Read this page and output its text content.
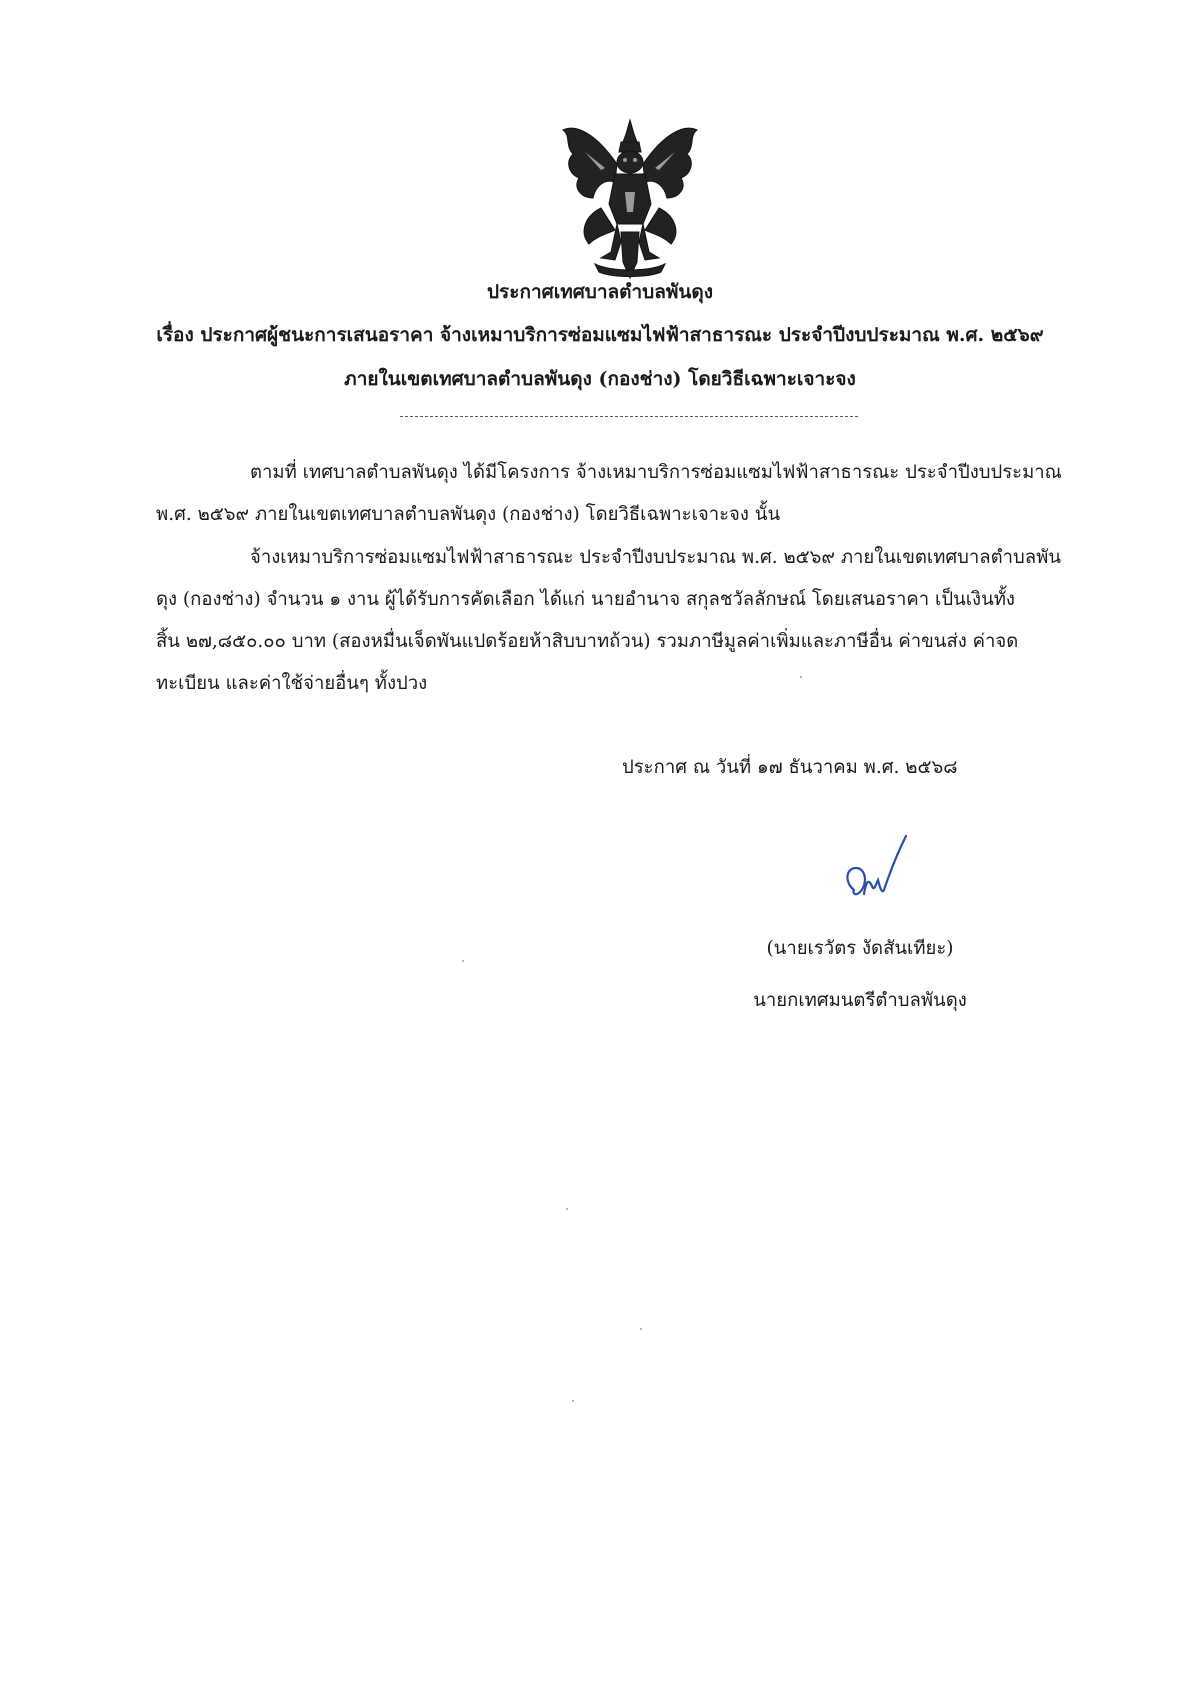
ประกาศเทศบาลตำบลพันดุง
เรื่อง ประกาศผู้ชนะการเสนอราคา จ้างเหมาบริการซ่อมแซมไฟฟ้าสาธารณะ ประจำปีงบประมาณ พ.ศ. ๒๕๖๙
ภายในเขตเทศบาลตำบลพันดุง (กองช่าง) โดยวิธีเฉพาะเจาะจง
ตามที่ เทศบาลตำบลพันดุง ได้มีโครงการ จ้างเหมาบริการซ่อมแซมไฟฟ้าสาธารณะ ประจำปีงบประมาณ
พ.ศ. ๒๕๖๙ ภายในเขตเทศบาลตำบลพันดุง (กองช่าง) โดยวิธีเฉพาะเจาะจง นั้น
จ้างเหมาบริการซ่อมแซมไฟฟ้าสาธารณะ ประจำปีงบประมาณ พ.ศ. ๒๕๖๙ ภายในเขตเทศบาลตำบลพัน
ดุง (กองช่าง) จำนวน ๑ งาน ผู้ได้รับการคัดเลือก ได้แก่ นายอำนาจ สกุลชวัลลักษณ์ โดยเสนอราคา เป็นเงินทั้ง
สิ้น ๒๗,๘๕๐.๐๐ บาท (สองหมื่นเจ็ดพันแปดร้อยห้าสิบบาทถ้วน) รวมภาษีมูลค่าเพิ่มและภาษีอื่น ค่าขนส่ง ค่าจด
ทะเบียน และค่าใช้จ่ายอื่นๆ ทั้งปวง
ประกาศ ณ วันที่ ๑๗ ธันวาคม พ.ศ. ๒๕๖๘
(นายเรวัตร งัดสันเทียะ)
นายกเทศมนตรีตำบลพันดุง
